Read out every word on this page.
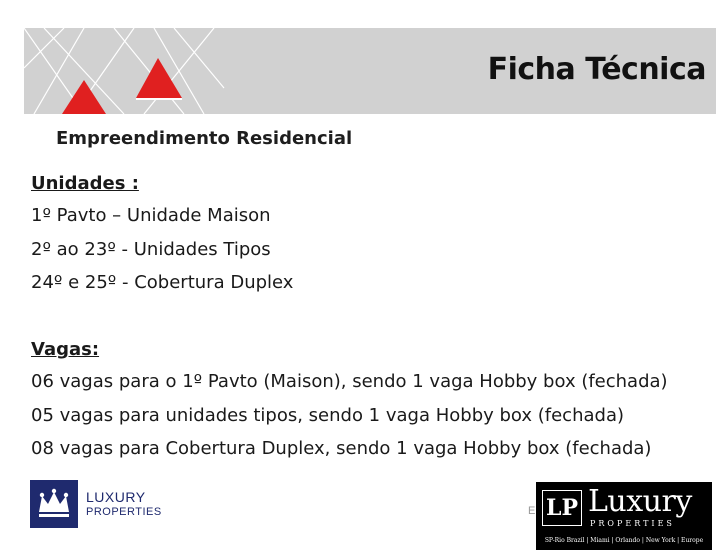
Ficha Técnica
Empreendimento Residencial
Unidades :
1º Pavto – Unidade Maison
2º ao 23º - Unidades Tipos
24º e 25º - Cobertura Duplex
Vagas:
06 vagas para o 1º Pavto (Maison), sendo 1 vaga Hobby box (fechada)
05 vagas para unidades tipos, sendo 1 vaga Hobby box (fechada)
08 vagas para Cobertura Duplex, sendo 1 vaga Hobby box (fechada)
LUXURY
PROPERTIES	E LP Luxury
PROPERTIES
SP-Rio Brazil | Miami | Orlando | New York | Europe
